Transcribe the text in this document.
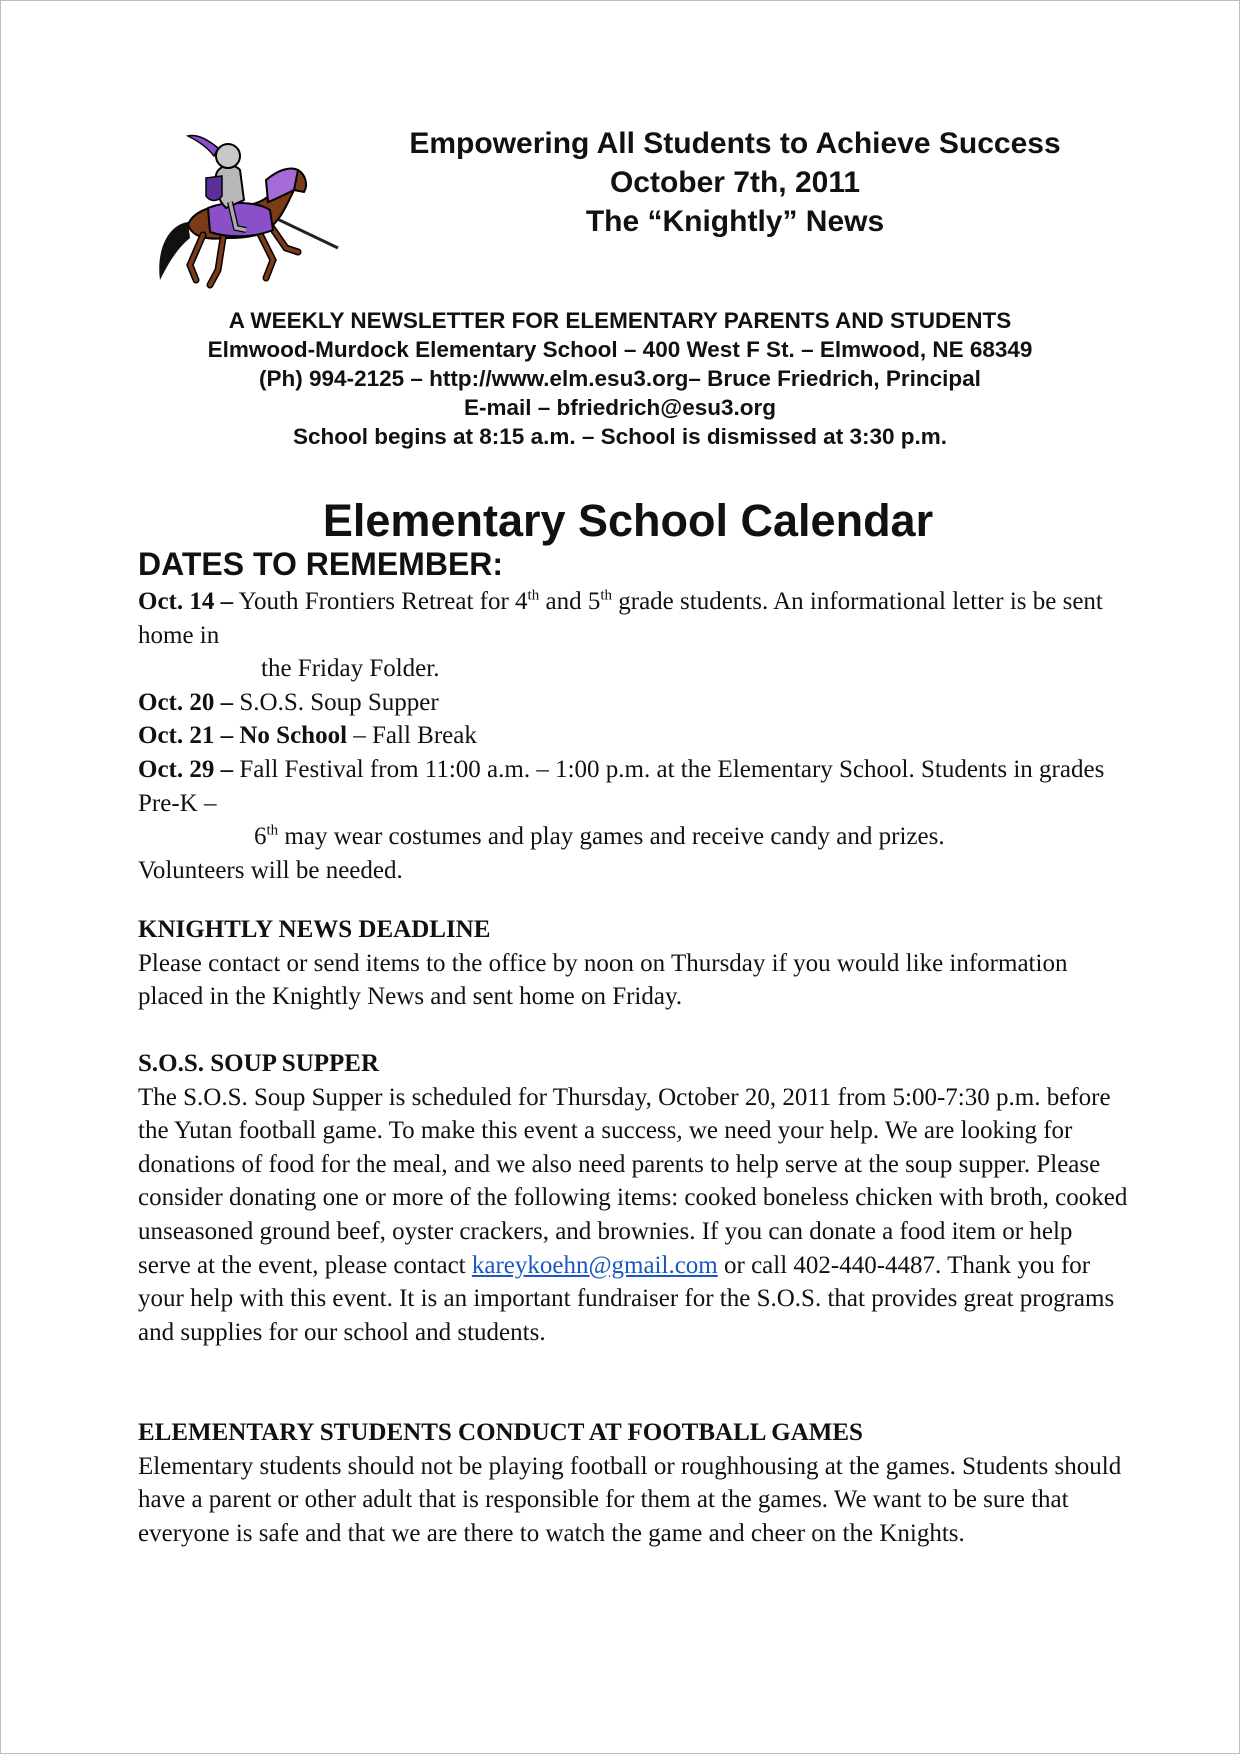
Empowering All Students to Achieve Success
October 7th, 2011
The “Knightly” News
A WEEKLY NEWSLETTER FOR ELEMENTARY PARENTS AND STUDENTS
Elmwood-Murdock Elementary School – 400 West F St. – Elmwood, NE 68349
(Ph) 994-2125 – http://www.elm.esu3.org– Bruce Friedrich, Principal
E-mail – bfriedrich@esu3.org
School begins at 8:15 a.m. – School is dismissed at 3:30 p.m.
Elementary School Calendar
DATES TO REMEMBER:

Oct. 14 – Youth Frontiers Retreat for 4th and 5th grade students. An informational letter is be sent home in

the Friday Folder.

Oct. 20 – S.O.S. Soup Supper

Oct. 21 – No School – Fall Break

Oct. 29 – Fall Festival from 11:00 a.m. – 1:00 p.m. at the Elementary School. Students in grades Pre-K –

6th may wear costumes and play games and receive candy and prizes.

Volunteers will be needed.

KNIGHTLY NEWS DEADLINE

Please contact or send items to the office by noon on Thursday if you would like information placed in the Knightly News and sent home on Friday.

S.O.S. SOUP SUPPER

The S.O.S. Soup Supper is scheduled for Thursday, October 20, 2011 from 5:00-7:30 p.m. before the Yutan football game. To make this event a success, we need your help. We are looking for donations of food for the meal, and we also need parents to help serve at the soup supper. Please consider donating one or more of the following items: cooked boneless chicken with broth, cooked unseasoned ground beef, oyster crackers, and brownies. If you can donate a food item or help serve at the event, please contact kareykoehn@gmail.com or call 402-440-4487. Thank you for your help with this event. It is an important fundraiser for the S.O.S. that provides great programs and supplies for our school and students.

ELEMENTARY STUDENTS CONDUCT AT FOOTBALL GAMES

Elementary students should not be playing football or roughhousing at the games. Students should have a parent or other adult that is responsible for them at the games. We want to be sure that everyone is safe and that we are there to watch the game and cheer on the Knights.
